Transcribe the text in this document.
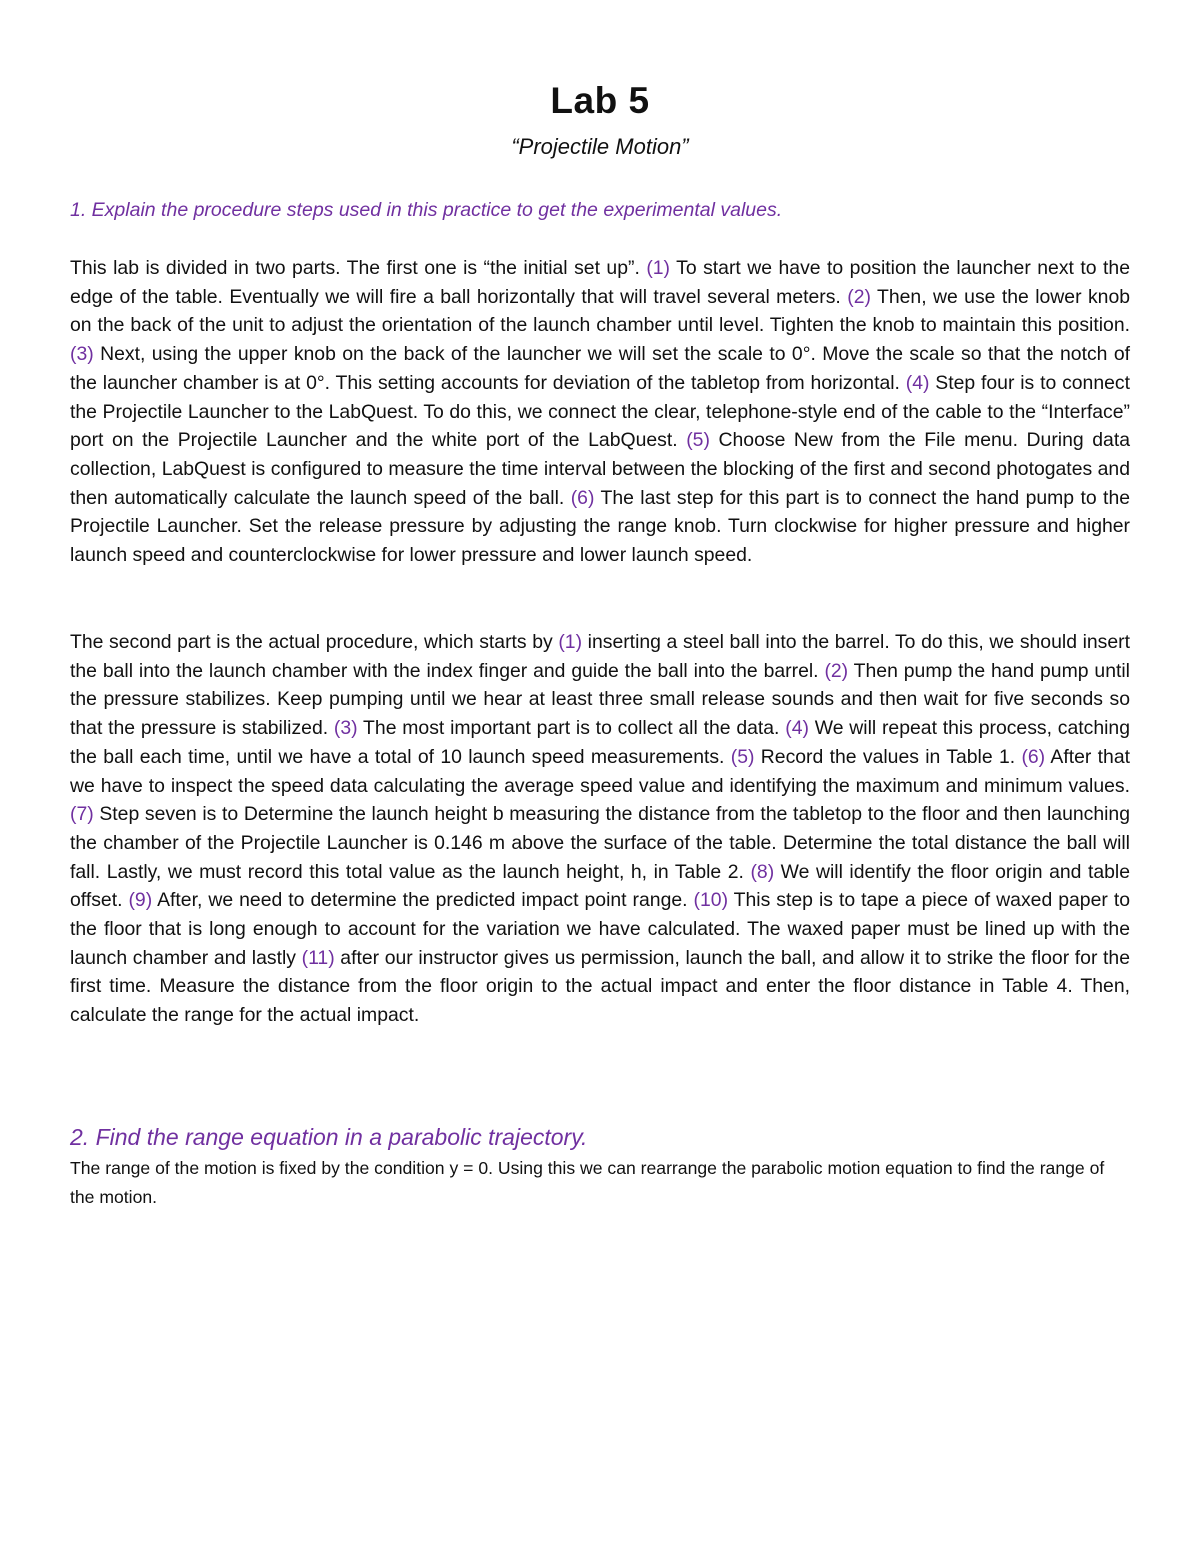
Lab 5

“Projectile Motion”

1. Explain the procedure steps used in this practice to get the experimental values.

This lab is divided in two parts. The first one is “the initial set up”. (1) To start we have to position the launcher next to the edge of the table. Eventually we will fire a ball horizontally that will travel several meters. (2) Then, we use the lower knob on the back of the unit to adjust the orientation of the launch chamber until level. Tighten the knob to maintain this position. (3) Next, using the upper knob on the back of the launcher we will set the scale to 0°. Move the scale so that the notch of the launcher chamber is at 0°. This setting accounts for deviation of the tabletop from horizontal. (4) Step four is to connect the Projectile Launcher to the LabQuest. To do this, we connect the clear, telephone-style end of the cable to the “Interface” port on the Projectile Launcher and the white port of the LabQuest. (5) Choose New from the File menu. During data collection, LabQuest is configured to measure the time interval between the blocking of the first and second photogates and then automatically calculate the launch speed of the ball. (6) The last step for this part is to connect the hand pump to the Projectile Launcher. Set the release pressure by adjusting the range knob. Turn clockwise for higher pressure and higher launch speed and counterclockwise for lower pressure and lower launch speed.

The second part is the actual procedure, which starts by (1) inserting a steel ball into the barrel. To do this, we should insert the ball into the launch chamber with the index finger and guide the ball into the barrel. (2) Then pump the hand pump until the pressure stabilizes. Keep pumping until we hear at least three small release sounds and then wait for five seconds so that the pressure is stabilized. (3) The most important part is to collect all the data. (4) We will repeat this process, catching the ball each time, until we have a total of 10 launch speed measurements. (5) Record the values in Table 1. (6) After that we have to inspect the speed data calculating the average speed value and identifying the maximum and minimum values. (7) Step seven is to Determine the launch height b measuring the distance from the tabletop to the floor and then launching the chamber of the Projectile Launcher is 0.146 m above the surface of the table. Determine the total distance the ball will fall. Lastly, we must record this total value as the launch height, h, in Table 2. (8) We will identify the floor origin and table offset. (9) After, we need to determine the predicted impact point range. (10) This step is to tape a piece of waxed paper to the floor that is long enough to account for the variation we have calculated. The waxed paper must be lined up with the launch chamber and lastly (11) after our instructor gives us permission, launch the ball, and allow it to strike the floor for the first time. Measure the distance from the floor origin to the actual impact and enter the floor distance in Table 4. Then, calculate the range for the actual impact.

2. Find the range equation in a parabolic trajectory.

The range of the motion is fixed by the condition y = 0. Using this we can rearrange the parabolic motion equation to find the range of the motion.
